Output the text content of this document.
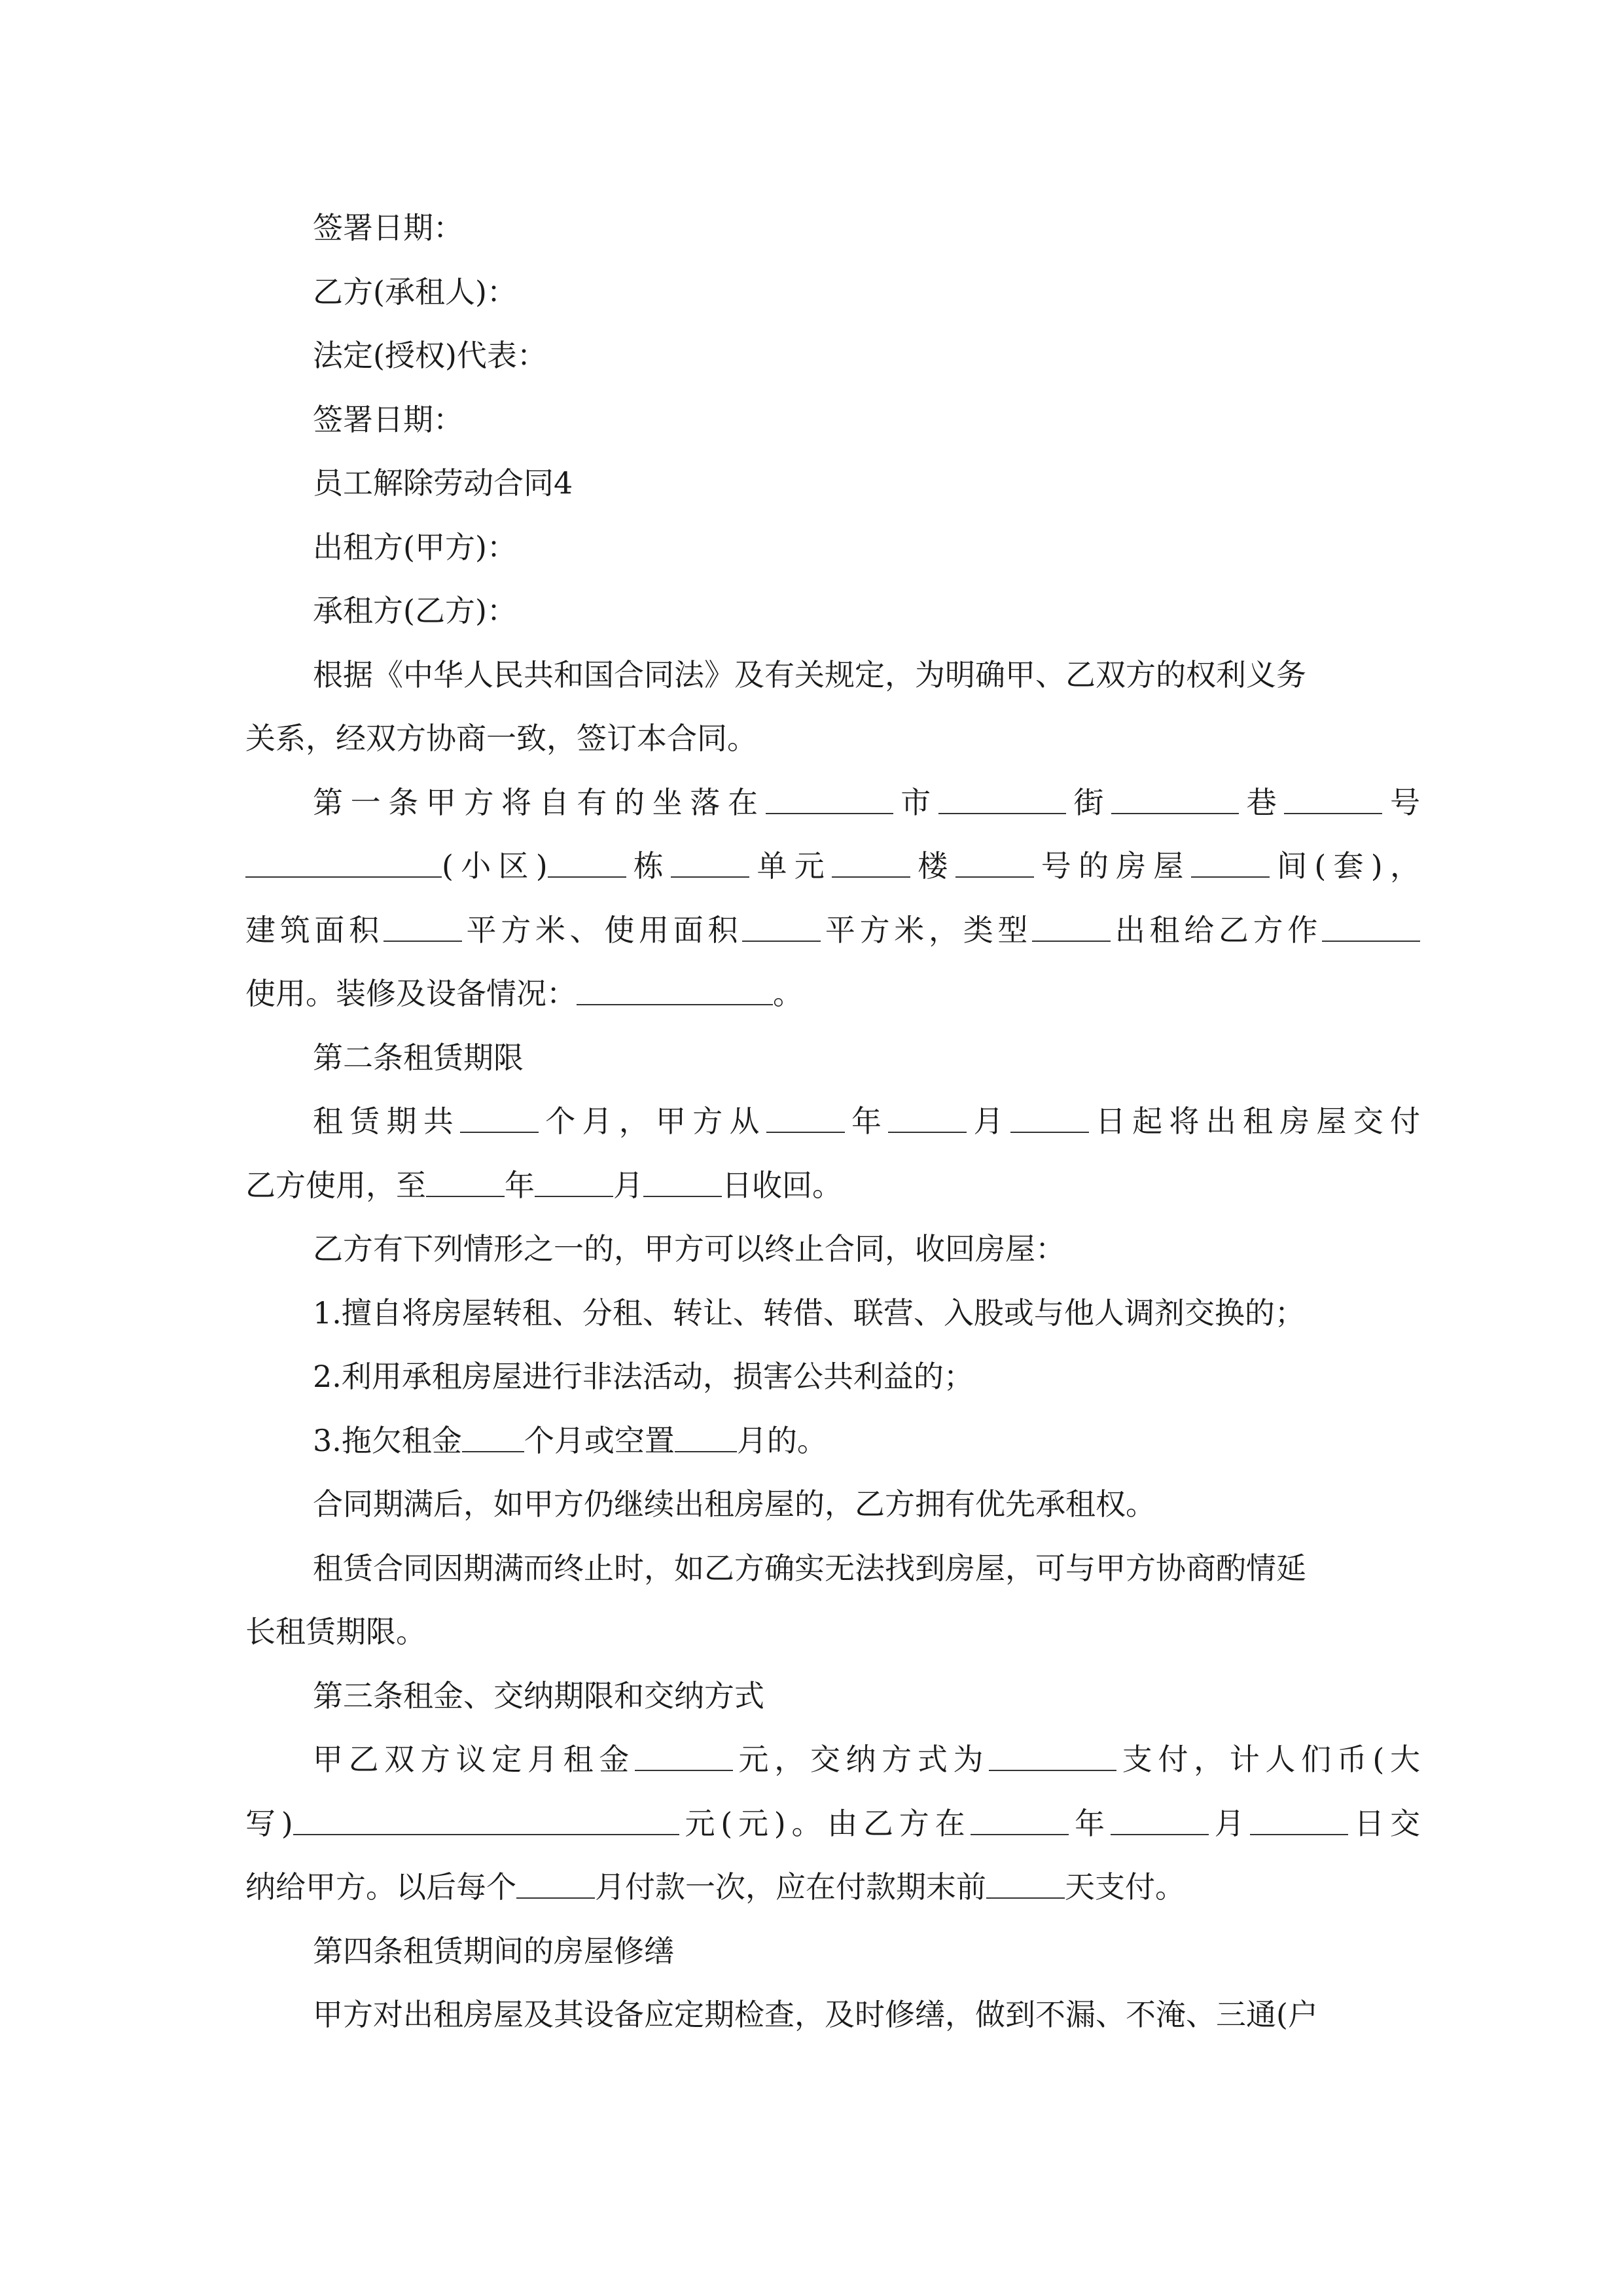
签署日期：

乙方(承租人)：

法定(授权)代表：

签署日期：

员工解除劳动合同4

出租方(甲方)：

承租方(乙方)：

根据《中华人民共和国合同法》及有关规定，为明确甲、乙双方的权利义务

关系，经双方协商一致，签订本合同。

第一条甲方将自有的坐落在	市	街	巷	号

(小区)	栋	单元	楼	号的房屋	间(套)，

建筑面积	平方米、使用面积	平方米，类型	出租给乙方作

使用。装修及设备情况：	。

第二条租赁期限

租赁期共	个月，甲方从	年	月	日起将出租房屋交付

乙方使用，至	年	月	日收回。

乙方有下列情形之一的，甲方可以终止合同，收回房屋：

1.擅自将房屋转租、分租、转让、转借、联营、入股或与他人调剂交换的；

2.利用承租房屋进行非法活动，损害公共利益的；

3.拖欠租金 个月或空置 月的。

合同期满后，如甲方仍继续出租房屋的，乙方拥有优先承租权。

租赁合同因期满而终止时，如乙方确实无法找到房屋，可与甲方协商酌情延

长租赁期限。

第三条租金、交纳期限和交纳方式

甲乙双方议定月租金	元，交纳方式为	支付，计人们币(大

写)	元(元)。由乙方在	年	月	日交

纳给甲方。以后每个	月付款一次，应在付款期末前	天支付。

第四条租赁期间的房屋修缮

甲方对出租房屋及其设备应定期检查，及时修缮，做到不漏、不淹、三通(户
